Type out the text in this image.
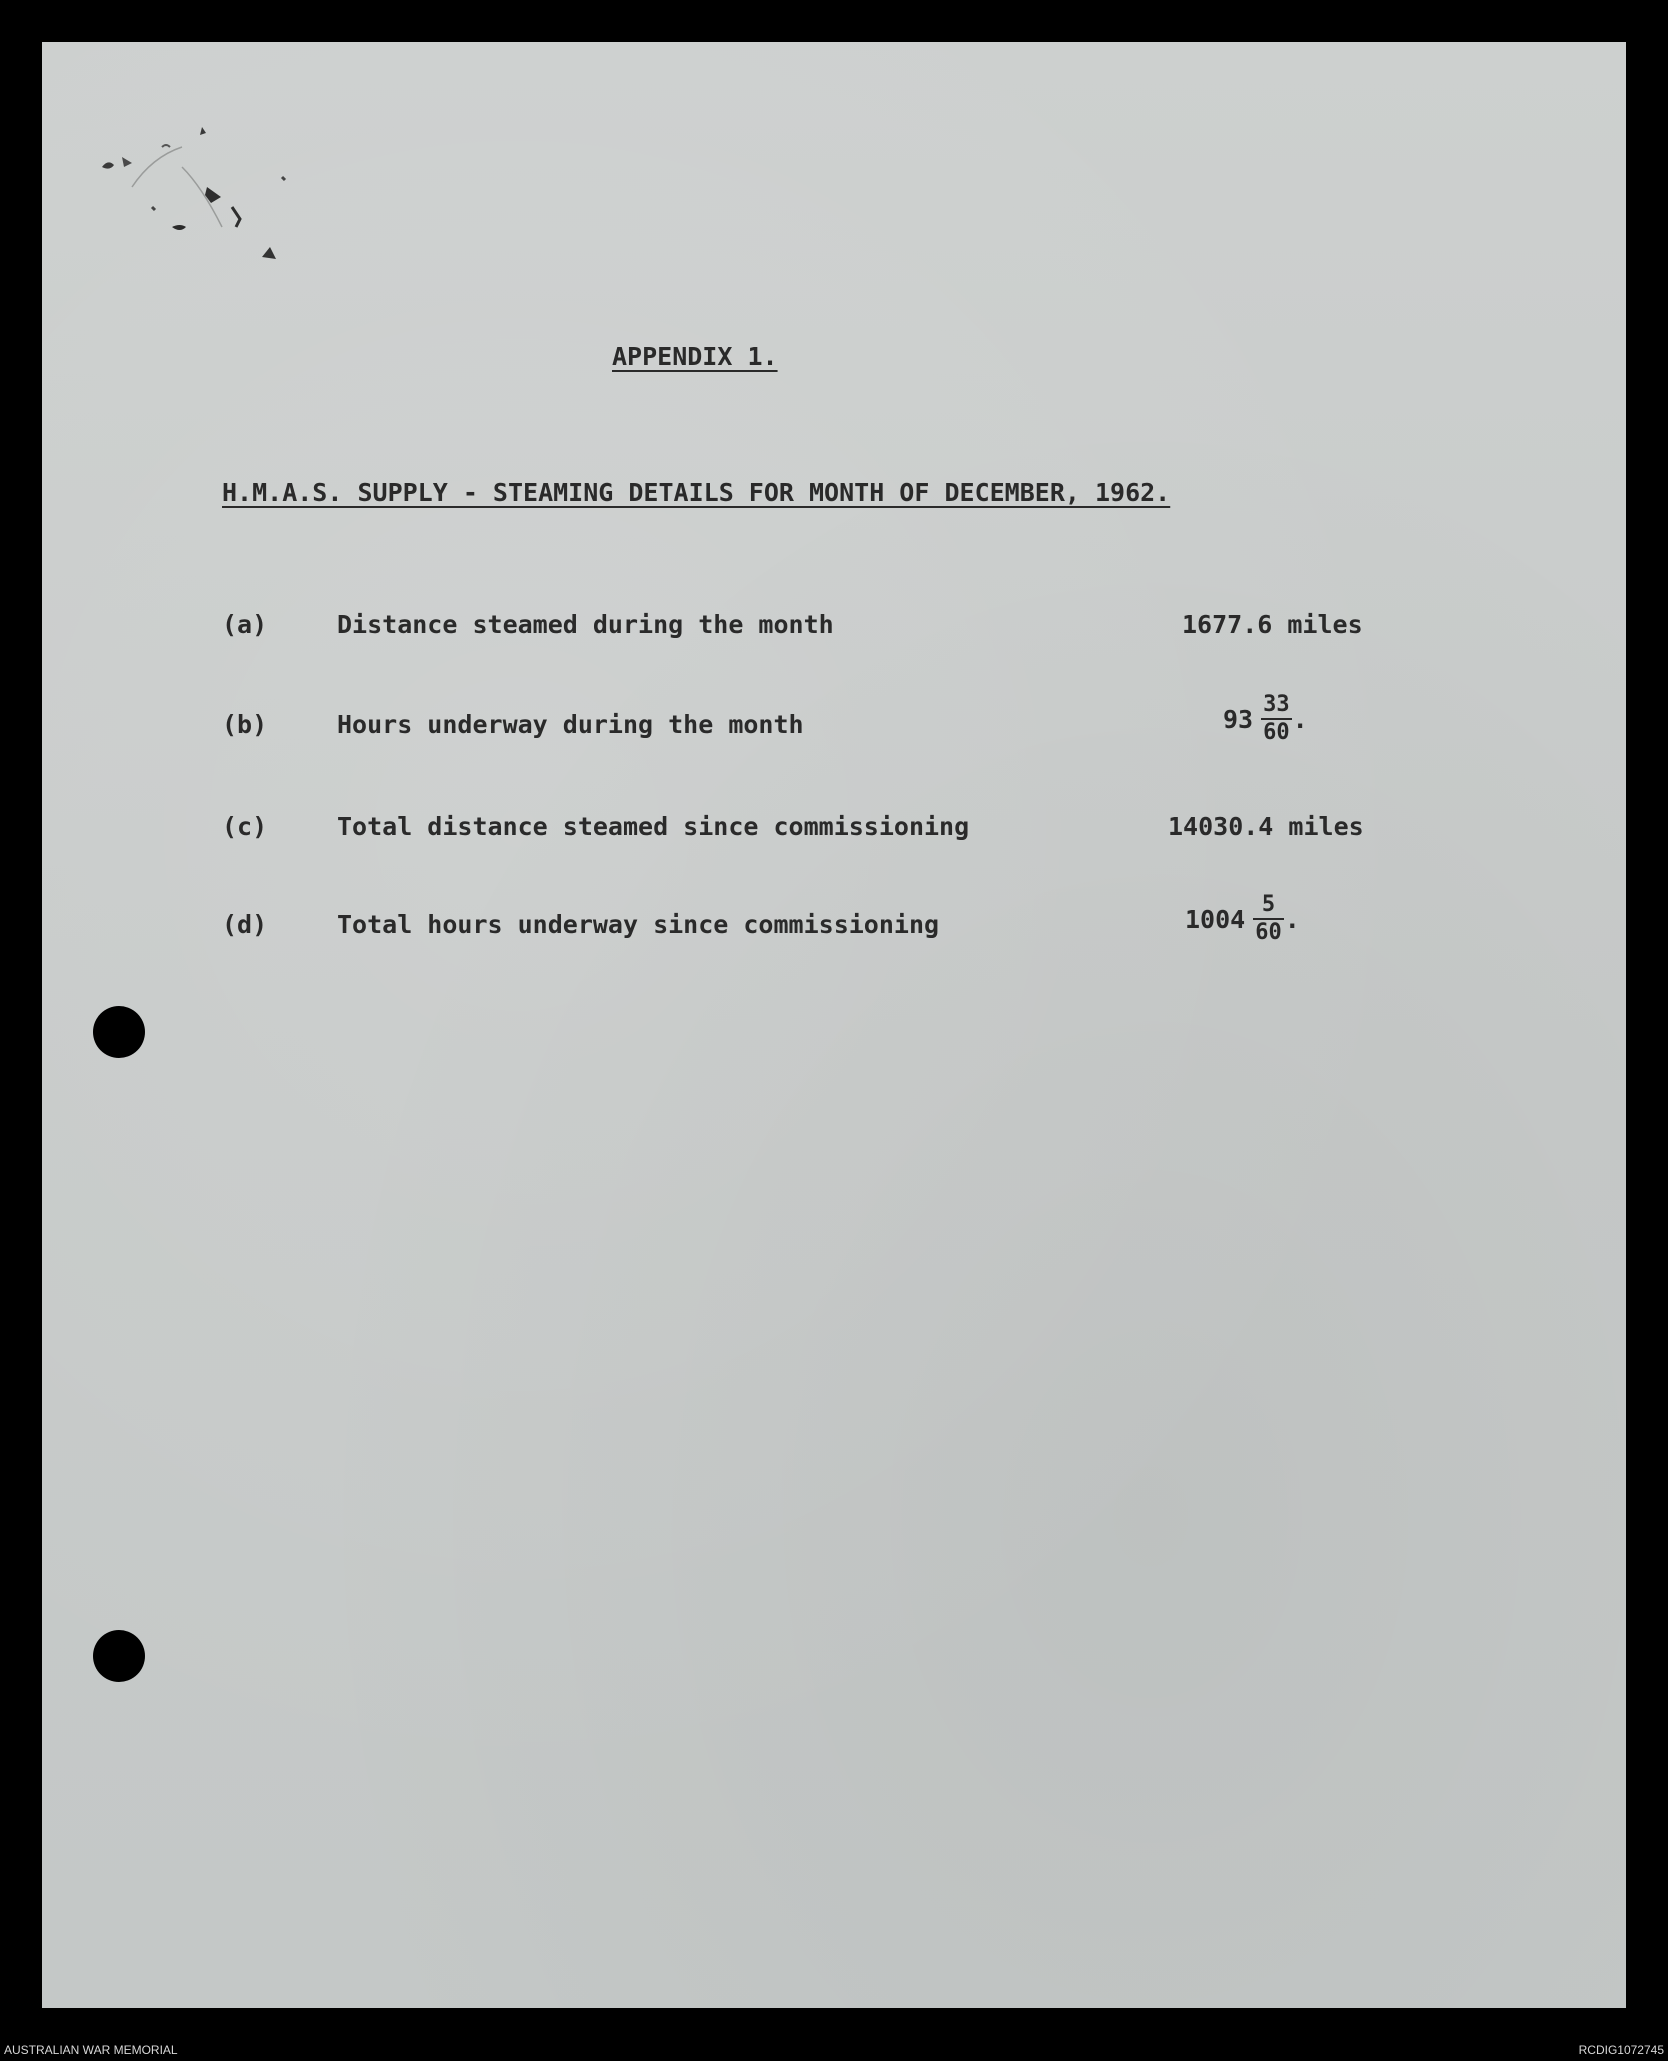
APPENDIX 1.
H.M.A.S. SUPPLY - STEAMING DETAILS FOR MONTH OF DECEMBER, 1962.
(a)	Distance steamed during the month	1677.6 miles
(b)	Hours underway during the month	$93 \frac{33}{60}$ .
(c)	Total distance steamed since commissioning	14030.4 miles
(d)	Total hours underway since commissioning	$1004 \frac{5}{60}$ .
AUSTRALIAN WAR MEMORIAL	RCDIG1072745
